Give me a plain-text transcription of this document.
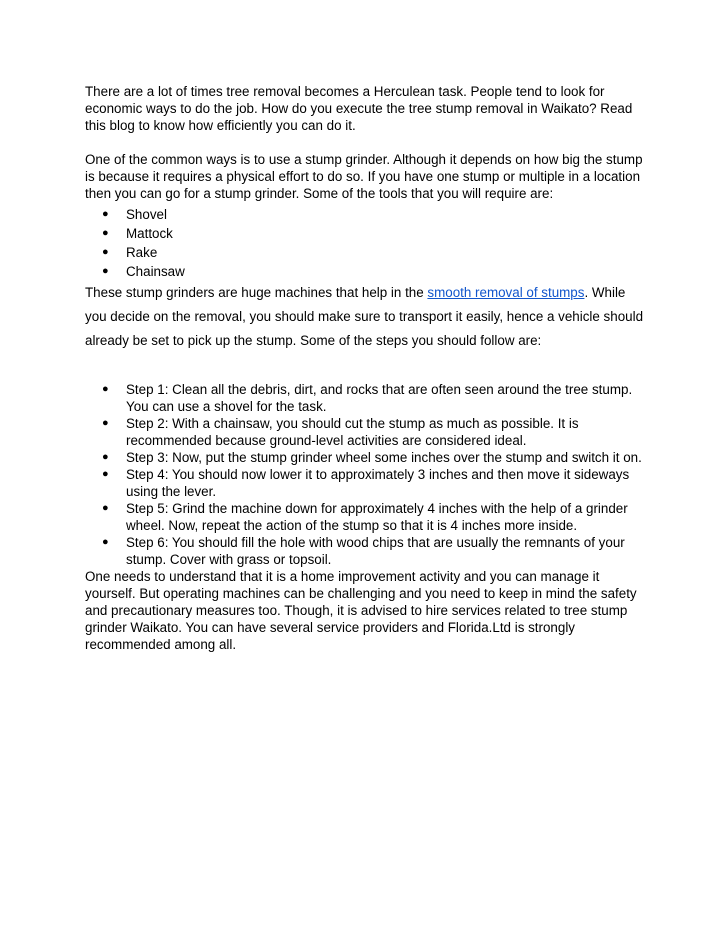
There are a lot of times tree removal becomes a Herculean task. People tend to look for economic ways to do the job. How do you execute the tree stump removal in Waikato? Read this blog to know how efficiently you can do it.

One of the common ways is to use a stump grinder. Although it depends on how big the stump is because it requires a physical effort to do so. If you have one stump or multiple in a location then you can go for a stump grinder. Some of the tools that you will require are:

● Shovel
● Mattock
● Rake
● Chainsaw

These stump grinders are huge machines that help in the smooth removal of stumps. While you decide on the removal, you should make sure to transport it easily, hence a vehicle should already be set to pick up the stump. Some of the steps you should follow are:

● Step 1: Clean all the debris, dirt, and rocks that are often seen around the tree stump. You can use a shovel for the task.
● Step 2: With a chainsaw, you should cut the stump as much as possible. It is recommended because ground-level activities are considered ideal.
● Step 3: Now, put the stump grinder wheel some inches over the stump and switch it on.
● Step 4: You should now lower it to approximately 3 inches and then move it sideways using the lever.
● Step 5: Grind the machine down for approximately 4 inches with the help of a grinder wheel. Now, repeat the action of the stump so that it is 4 inches more inside.
● Step 6: You should fill the hole with wood chips that are usually the remnants of your stump. Cover with grass or topsoil.

One needs to understand that it is a home improvement activity and you can manage it yourself. But operating machines can be challenging and you need to keep in mind the safety and precautionary measures too. Though, it is advised to hire services related to tree stump grinder Waikato. You can have several service providers and Florida.Ltd is strongly recommended among all.
